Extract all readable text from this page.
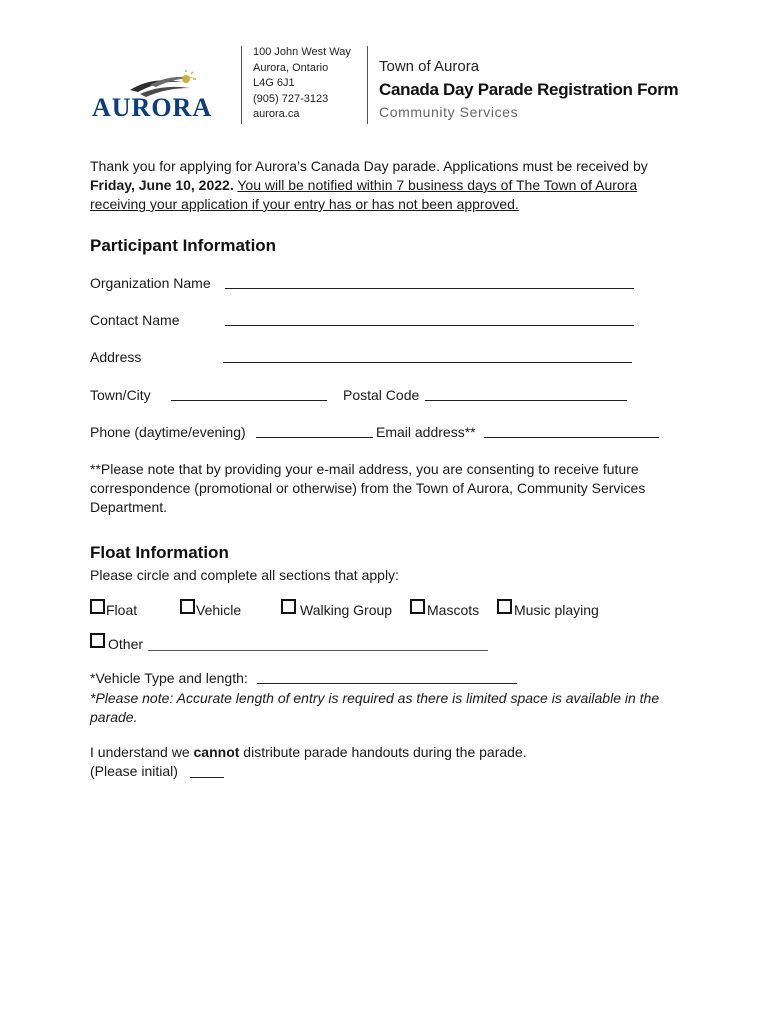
AURORA
100 John West Way
Aurora, Ontario
L4G 6J1
(905) 727-3123
aurora.ca
Town of Aurora
Canada Day Parade Registration Form
Community Services
Thank you for applying for Aurora’s Canada Day parade. Applications must be received by Friday, June 10, 2022. You will be notified within 7 business days of The Town of Aurora receiving your application if your entry has or has not been approved.
Participant Information
Organization Name
Contact Name
Address
Town/City	Postal Code
Phone (daytime/evening)	Email address**
**Please note that by providing your e-mail address, you are consenting to receive future correspondence (promotional or otherwise) from the Town of Aurora, Community Services Department.
Float Information
Please circle and complete all sections that apply:
Float	Vehicle	Walking Group Mascots Music playing
Other
*Vehicle Type and length:
*Please note: Accurate length of entry is required as there is limited space is available in the parade.
I understand we cannot distribute parade handouts during the parade.
(Please initial)
